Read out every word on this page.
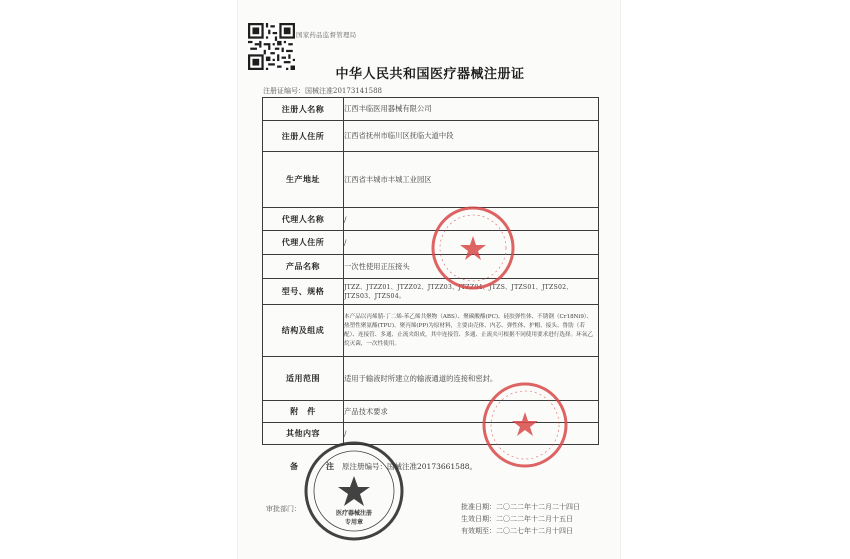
国家药品监督管理局
中华人民共和国医疗器械注册证
注册证编号：国械注准20173141588
注册人名称	江西丰临医用器械有限公司
注册人住所	江西省抚州市临川区抚临大道中段
生产地址	江西省丰城市丰城工业园区
代理人名称	/
代理人住所	/
产品名称	一次性使用正压接头
型号、规格	JTZZ、JTZZ01、JTZZ02、JTZZ03、JTZZ04、JTZS、JTZS01、JTZS02、JTZS03、JTZS04。
结构及组成	本产品以丙烯腈-丁二烯-苯乙烯共聚物（ABS）、聚碳酸酯(PC)、硅胶弹性体、不锈钢（Cr18Ni9）、热塑性聚氨酯(TPU)、聚丙烯(PP)为原材料，主要由壳体、内芯、弹性体、护帽、接头、鲁肋（若配）、连接管、多通、止流夹组成，其中连接管、多通、止流夹可根据不同使用要求进行选择。环氧乙烷灭菌，一次性使用。
适用范围	适用于输液时所建立的输液通道的连接和密封。
附　件	产品技术要求
其他内容	/
备　注
原注册编号：国械注准20173661588。
审批部门：	批准日期：二〇二二年十二月二十四日
生效日期：二〇二二年十二月十五日
有效期至：二〇二七年十二月十四日
医疗器械注册专用章
